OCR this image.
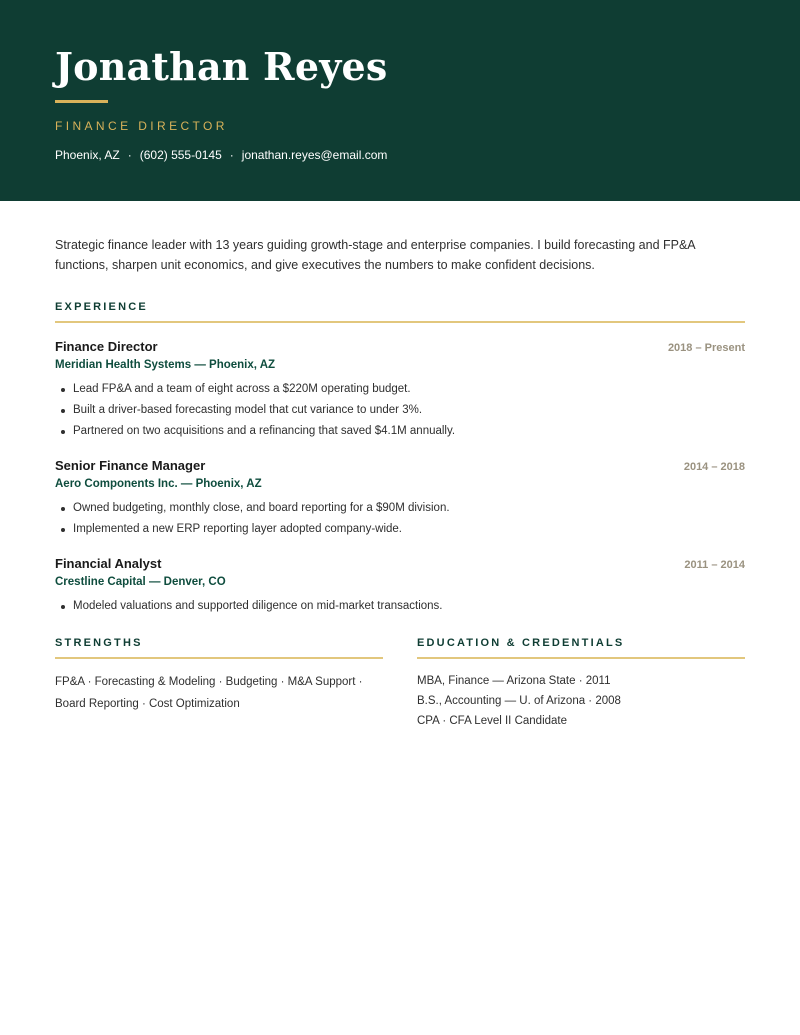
Jonathan Reyes
FINANCE DIRECTOR
Phoenix, AZ · (602) 555-0145 · jonathan.reyes@email.com

Strategic finance leader with 13 years guiding growth-stage and enterprise companies. I build forecasting and FP&A functions, sharpen unit economics, and give executives the numbers to make confident decisions.

EXPERIENCE
Finance Director	2018 – Present
Meridian Health Systems — Phoenix, AZ
Lead FP&A and a team of eight across a $220M operating budget.
Built a driver-based forecasting model that cut variance to under 3%.
Partnered on two acquisitions and a refinancing that saved $4.1M annually.
Senior Finance Manager	2014 – 2018
Aero Components Inc. — Phoenix, AZ
Owned budgeting, monthly close, and board reporting for a $90M division.
Implemented a new ERP reporting layer adopted company-wide.
Financial Analyst	2011 – 2014
Crestline Capital — Denver, CO
Modeled valuations and supported diligence on mid-market transactions.
STRENGTHS
FP&A · Forecasting & Modeling · Budgeting · M&A Support · Board Reporting · Cost Optimization
EDUCATION & CREDENTIALS
MBA, Finance — Arizona State · 2011
B.S., Accounting — U. of Arizona · 2008
CPA · CFA Level II Candidate
